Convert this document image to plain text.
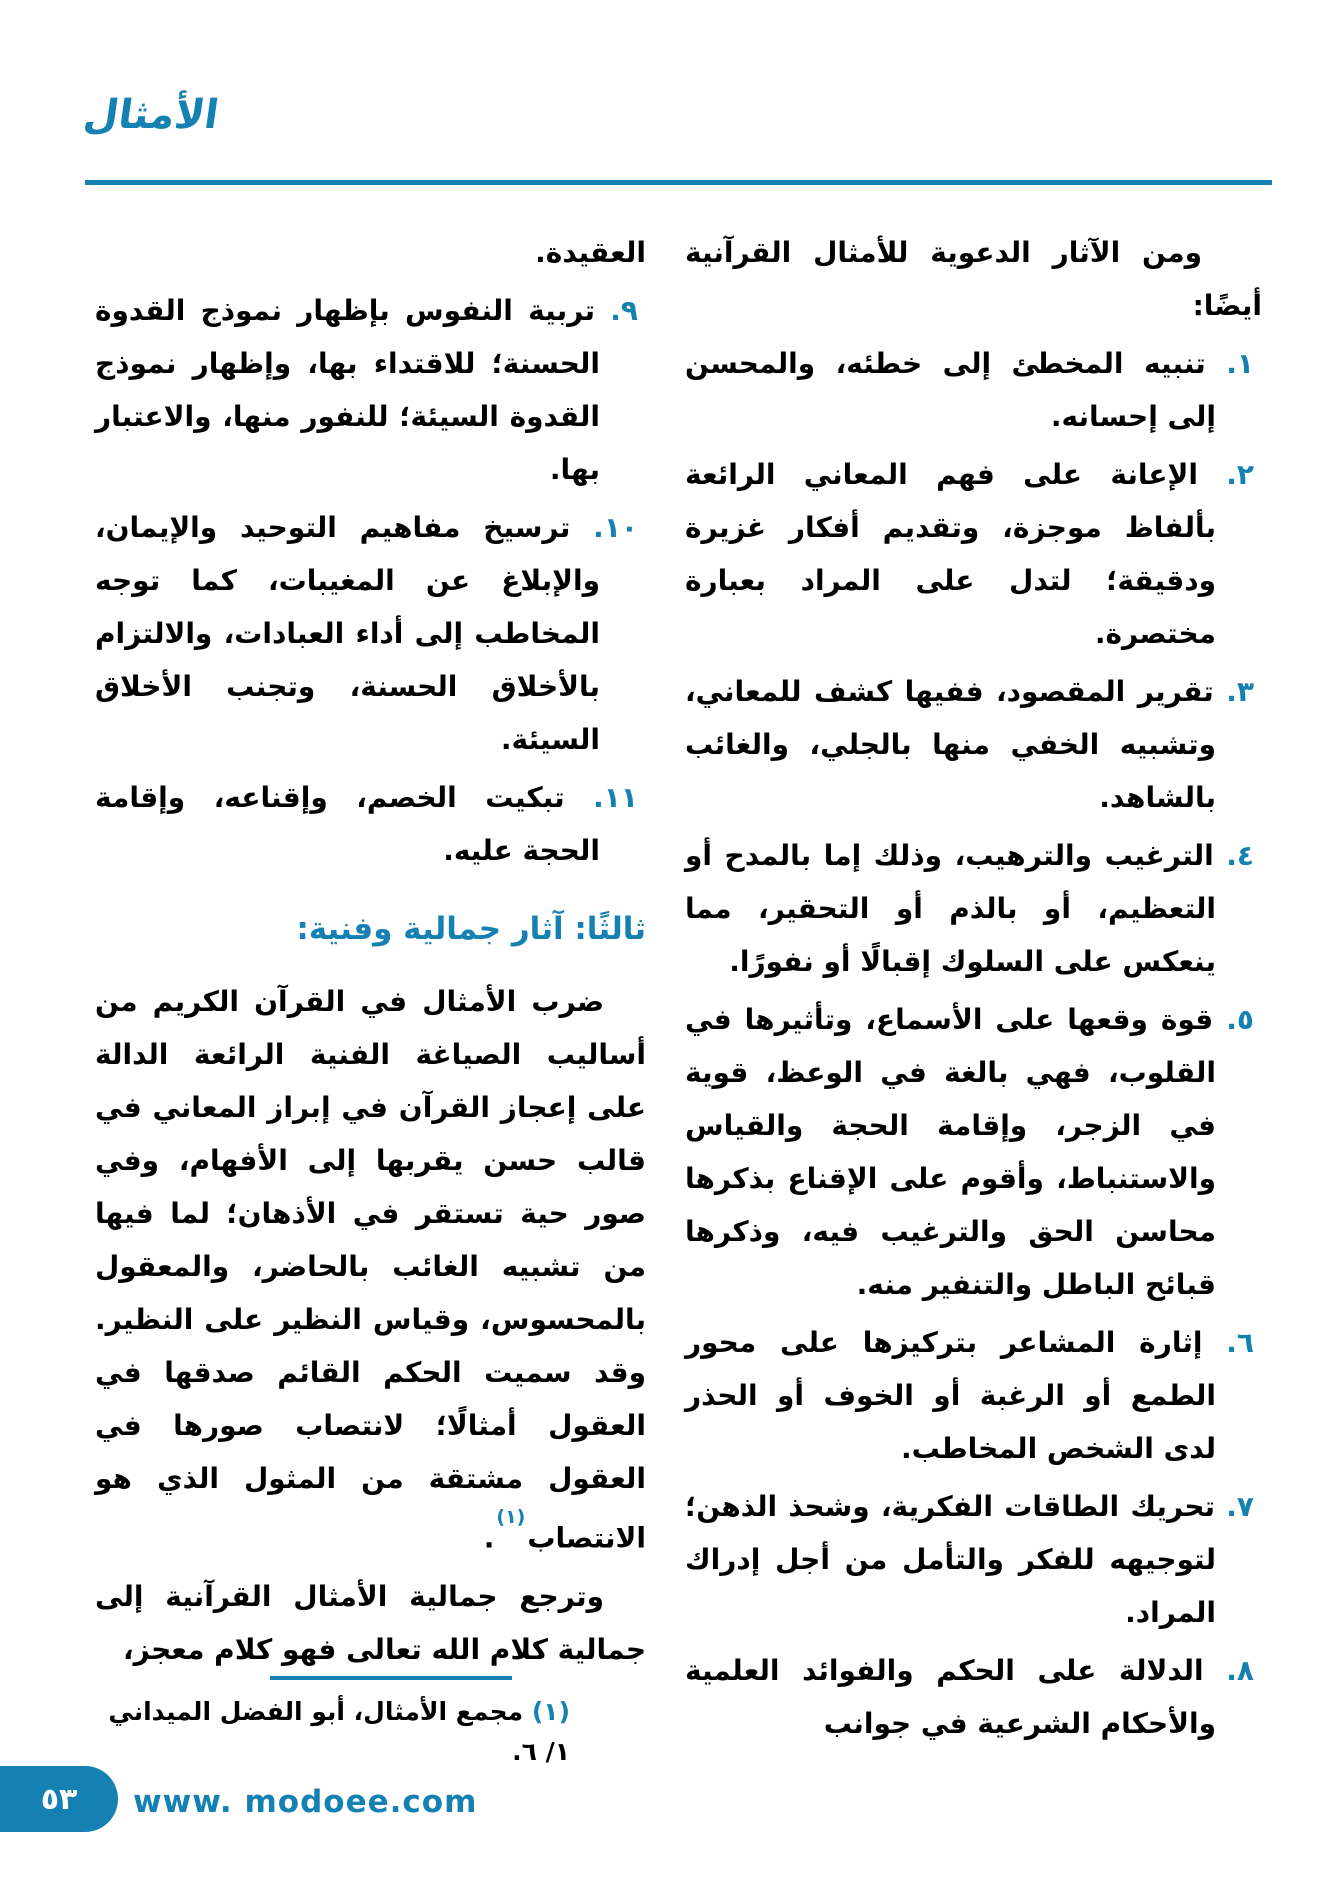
الأمثال

ومن الآثار الدعوية للأمثال القرآنية أيضًا:

١. تنبيه المخطئ إلى خطئه، والمحسن إلى إحسانه.
٢. الإعانة على فهم المعاني الرائعة بألفاظ موجزة، وتقديم أفكار غزيرة ودقيقة؛ لتدل على المراد بعبارة مختصرة.
٣. تقرير المقصود، ففيها كشف للمعاني، وتشبيه الخفي منها بالجلي، والغائب بالشاهد.
٤. الترغيب والترهيب، وذلك إما بالمدح أو التعظيم، أو بالذم أو التحقير، مما ينعكس على السلوك إقبالًا أو نفورًا.
٥. قوة وقعها على الأسماع، وتأثيرها في القلوب، فهي بالغة في الوعظ، قوية في الزجر، وإقامة الحجة والقياس والاستنباط، وأقوم على الإقناع بذكرها محاسن الحق والترغيب فيه، وذكرها قبائح الباطل والتنفير منه.
٦. إثارة المشاعر بتركيزها على محور الطمع أو الرغبة أو الخوف أو الحذر لدى الشخص المخاطب.
٧. تحريك الطاقات الفكرية، وشحذ الذهن؛ لتوجيهه للفكر والتأمل من أجل إدراك المراد.
٨. الدلالة على الحكم والفوائد العلمية والأحكام الشرعية في جوانب

العقيدة.

٩. تربية النفوس بإظهار نموذج القدوة الحسنة؛ للاقتداء بها، وإظهار نموذج القدوة السيئة؛ للنفور منها، والاعتبار بها.
١٠. ترسيخ مفاهيم التوحيد والإيمان، والإبلاغ عن المغيبات، كما توجه المخاطب إلى أداء العبادات، والالتزام بالأخلاق الحسنة، وتجنب الأخلاق السيئة.
١١. تبكيت الخصم، وإقناعه، وإقامة الحجة عليه.
ثالثًا: آثار جمالية وفنية:

ضرب الأمثال في القرآن الكريم من أساليب الصياغة الفنية الرائعة الدالة على إعجاز القرآن في إبراز المعاني في قالب حسن يقربها إلى الأفهام، وفي صور حية تستقر في الأذهان؛ لما فيها من تشبيه الغائب بالحاضر، والمعقول بالمحسوس، وقياس النظير على النظير. وقد سميت الحكم القائم صدقها في العقول أمثالًا؛ لانتصاب صورها في العقول مشتقة من المثول الذي هو الانتصاب$^{(١)}$.

وترجع جمالية الأمثال القرآنية إلى جمالية كلام الله تعالى فهو كلام معجز،

(١) مجمع الأمثال، أبو الفضل الميداني ١/ ٦.

٥٣ www. modoee.com
